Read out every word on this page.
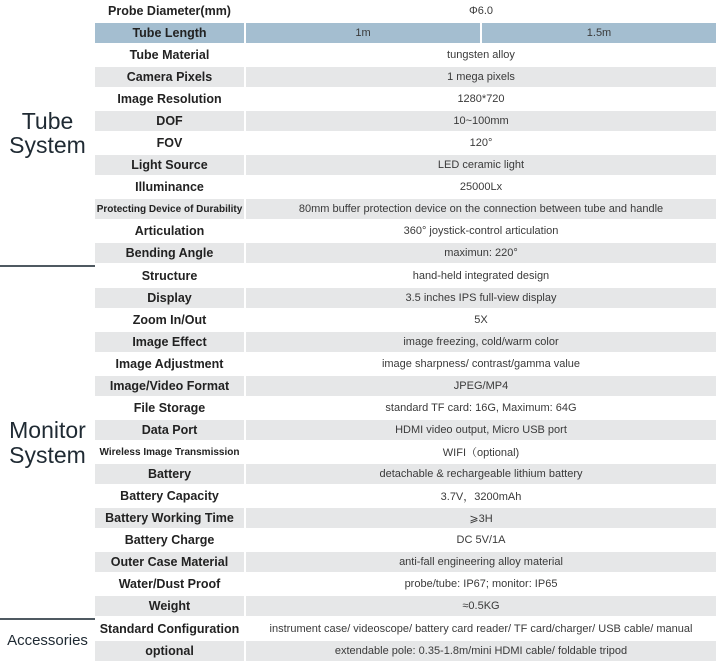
Tube
System
Monitor
System
Accessories
Probe Diameter(mm)	Φ6.0
Tube Length	1m	1.5m
Tube Material	tungsten alloy
Camera Pixels	1 mega pixels
Image Resolution	1280*720
DOF	10~100mm
FOV	120°
Light Source	LED ceramic light
Illuminance	25000Lx
Protecting Device of Durability	80mm buffer protection device on the connection between tube and handle
Articulation	360° joystick-control articulation
Bending Angle	maximun: 220°
Structure	hand-held integrated design
Display	3.5 inches IPS full-view display
Zoom In/Out	5X
Image Effect	image freezing, cold/warm color
Image Adjustment	image sharpness/ contrast/gamma value
Image/Video Format	JPEG/MP4
File Storage	standard TF card: 16G, Maximum: 64G
Data Port	HDMI video output, Micro USB port
Wireless Image Transmission	WIFI（optional)
Battery	detachable & rechargeable lithium battery
Battery Capacity	3.7V，3200mAh
Battery Working Time	⩾3H
Battery Charge	DC 5V/1A
Outer Case Material	anti-fall engineering alloy material
Water/Dust Proof	probe/tube: IP67; monitor: IP65
Weight	≈0.5KG
Standard Configuration	instrument case/ videoscope/ battery card reader/ TF card/charger/ USB cable/ manual
optional	extendable pole: 0.35-1.8m/mini HDMI cable/ foldable tripod
